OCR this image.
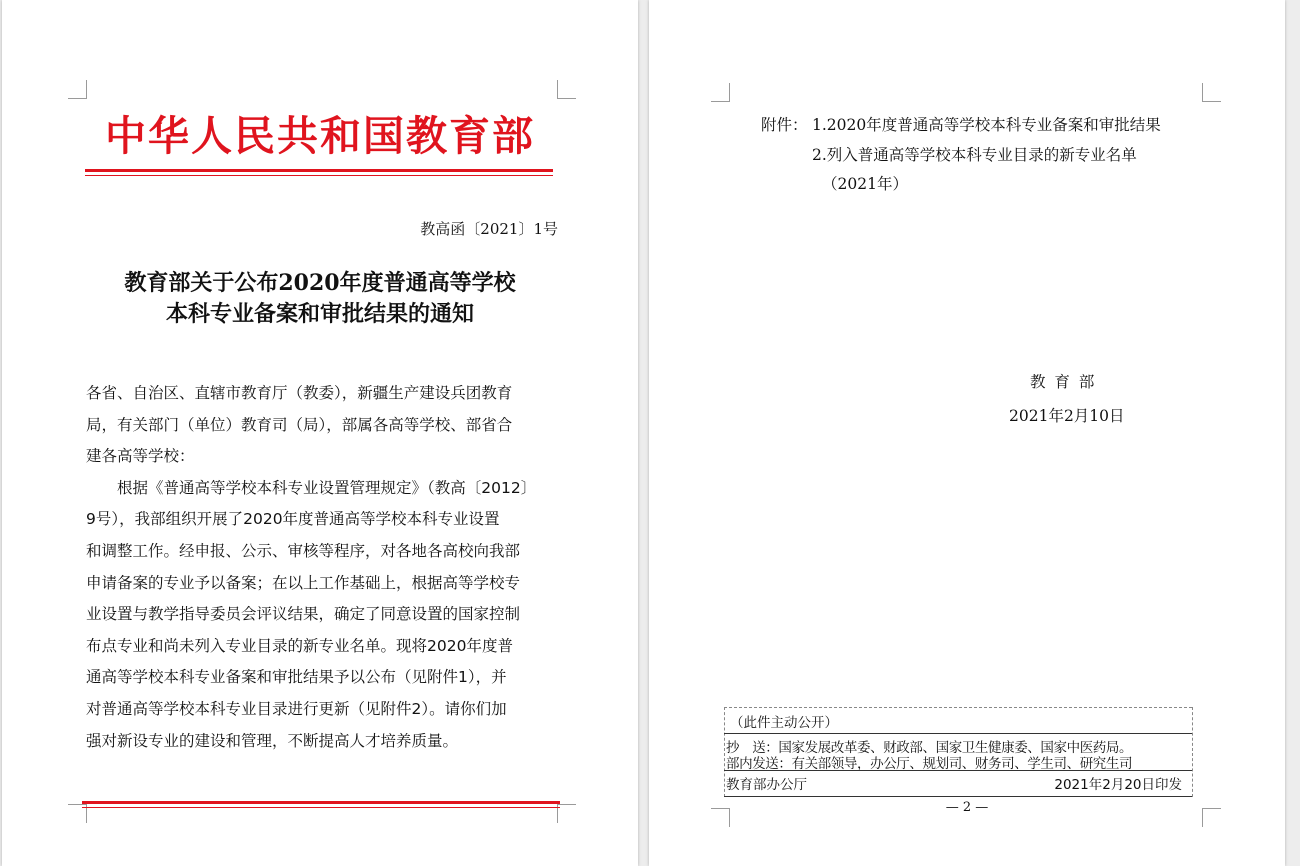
中华人民共和国教育部
教高函〔2021〕1号
教育部关于公布2020年度普通高等学校
本科专业备案和审批结果的通知

各省、自治区、直辖市教育厅（教委），新疆生产建设兵团教育

局，有关部门（单位）教育司（局），部属各高等学校、部省合

建各高等学校：

根据《普通高等学校本科专业设置管理规定》（教高〔2012〕

9号），我部组织开展了2020年度普通高等学校本科专业设置

和调整工作。经申报、公示、审核等程序，对各地各高校向我部

申请备案的专业予以备案；在以上工作基础上，根据高等学校专

业设置与教学指导委员会评议结果，确定了同意设置的国家控制

布点专业和尚未列入专业目录的新专业名单。现将2020年度普

通高等学校本科专业备案和审批结果予以公布（见附件1），并

对普通高等学校本科专业目录进行更新（见附件2）。请你们加

强对新设专业的建设和管理，不断提高人才培养质量。

附件： 1.2020年度普通高等学校本科专业备案和审批结果
2.列入普通高等学校本科专业目录的新专业名单
（2021年）
教 育 部
2021年2月10日
（此件主动公开）
抄　送：国家发展改革委、财政部、国家卫生健康委、国家中医药局。
部内发送：有关部领导，办公厅、规划司、财务司、学生司、研究生司
教育部办公厅	2021年2月20日印发
— 2 —
